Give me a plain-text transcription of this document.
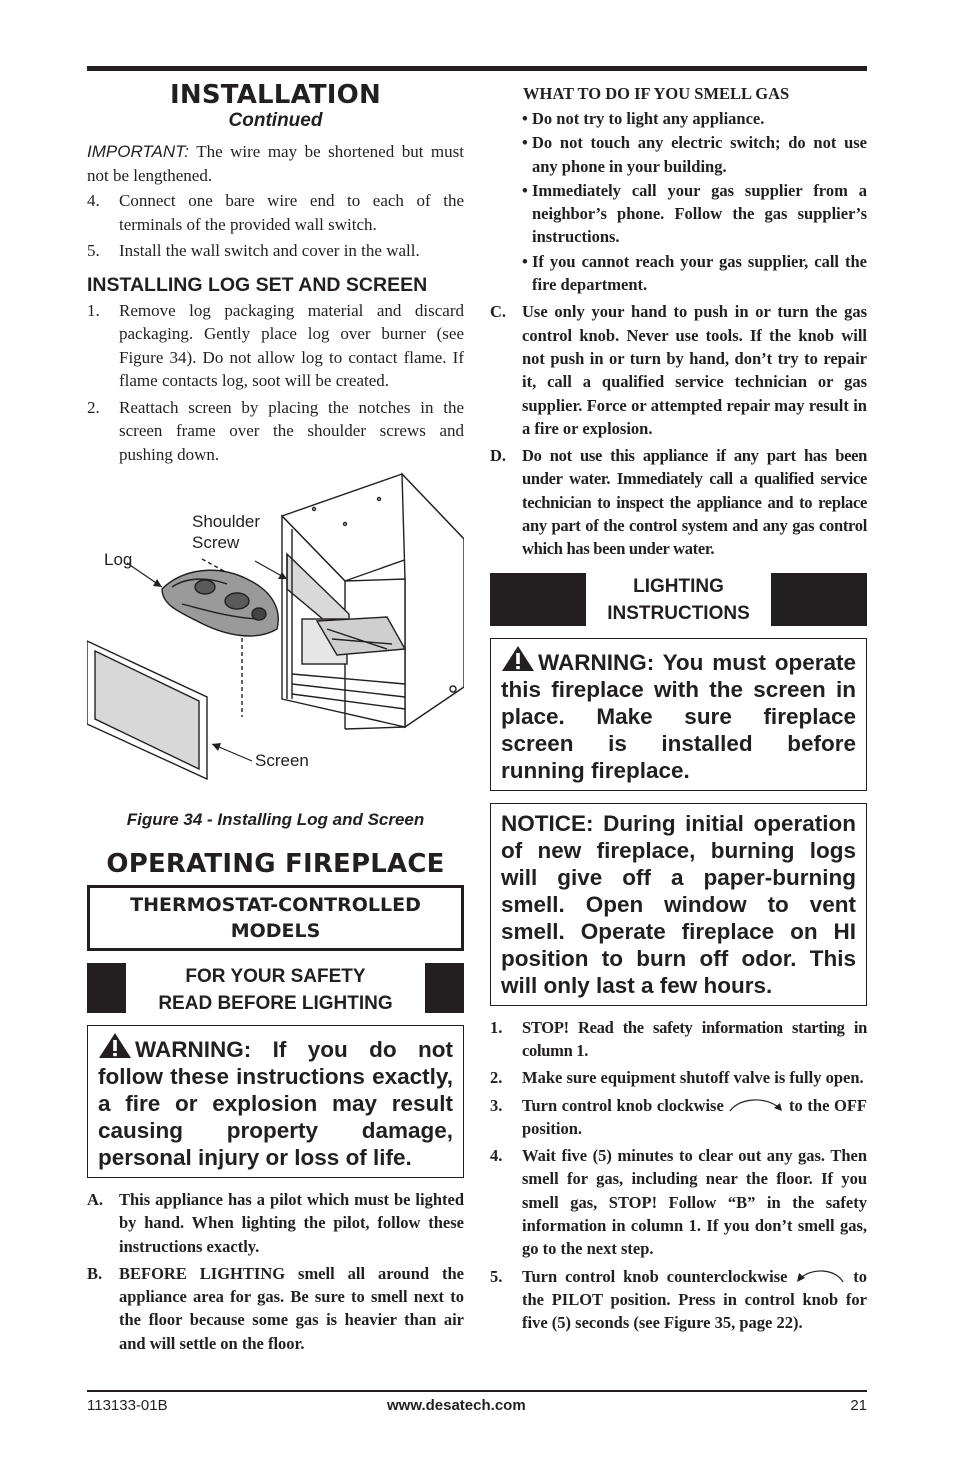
INSTALLATION
Continued

IMPORTANT: The wire may be shortened but must not be lengthened.

4.	Connect one bare wire end to each of the terminals of the provided wall switch.
5.	Install the wall switch and cover in the wall.
INSTALLING LOG SET AND SCREEN
1.	Remove log packaging material and discard packaging. Gently place log over burner (see Figure 34). Do not allow log to contact flame. If flame contacts log, soot will be created.
2.	Reattach screen by placing the notches in the screen frame over the shoulder screws and pushing down.
Shoulder
Screw
Log
Screen
Figure 34 - Installing Log and Screen
OPERATING FIREPLACE
THERMOSTAT-CONTROLLED
MODELS
FOR YOUR SAFETY
READ BEFORE LIGHTING
WARNING: If you do not follow these instructions exactly, a fire or explosion may result causing property damage, personal injury or loss of life.
A. This appliance has a pilot which must be lighted by hand. When lighting the pilot, follow these instructions exactly.
B.	BEFORE LIGHTING smell all around the appliance area for gas. Be sure to smell next to the floor because some gas is heavier than air and will settle on the floor.
WHAT TO DO IF YOU SMELL GAS
• Do not try to light any appliance.
• Do not touch any electric switch; do not use any phone in your building.
• Immediately call your gas supplier from a neighbor’s phone. Follow the gas supplier’s instructions.
• If you cannot reach your gas supplier, call the fire department.
C. Use only your hand to push in or turn the gas control knob. Never use tools. If the knob will not push in or turn by hand, don’t try to repair it, call a qualified service technician or gas supplier. Force or attempted repair may result in a fire or explosion.
D. Do not use this appliance if any part has been under water. Immediately call a qualified service technician to inspect the appliance and to replace any part of the control system and any gas control which has been under water.
LIGHTING
INSTRUCTIONS
WARNING: You must operate this fireplace with the screen in place. Make sure fireplace screen is installed before running fireplace.
NOTICE: During initial operation of new fireplace, burning logs will give off a paper-burning smell. Open window to vent smell. Operate fireplace on HI position to burn off odor. This will only last a few hours.
1.	STOP! Read the safety information starting in column 1.
2.	Make sure equipment shutoff valve is fully open.
3.	Turn control knob clockwise	to the OFF position.
4.	Wait five (5) minutes to clear out any gas. Then smell for gas, including near the floor. If you smell gas, STOP! Follow “B” in the safety information in column 1. If you don’t smell gas, go to the next step.
5.	Turn control knob counterclockwise	to the PILOT position. Press in control knob for five (5) seconds (see Figure 35, page 22).
113133-01B	www.desatech.com	21
